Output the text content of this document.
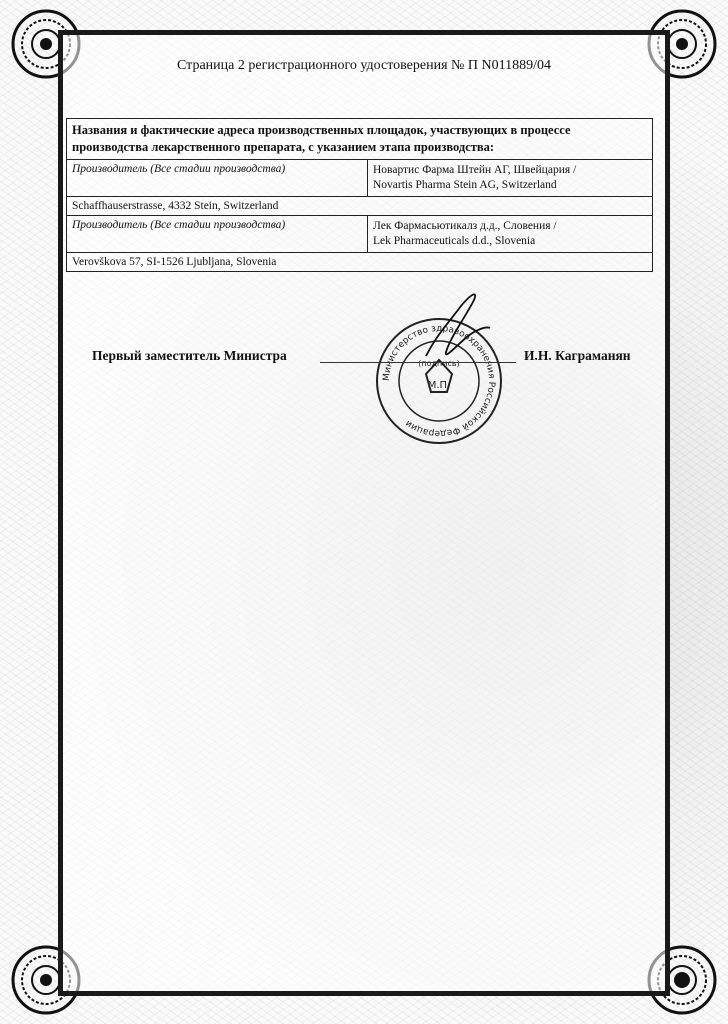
Страница 2 регистрационного удостоверения № П N011889/04
Названия и фактические адреса производственных площадок, участвующих в процессе производства лекарственного препарата, с указанием этапа производства:	
Производитель (Все стадии производства)	Новартис Фарма Штейн АГ, Швейцария /
Novartis Pharma Stein AG, Switzerland

Schaffhauserstrasse, 4332 Stein, Switzerland	
Производитель (Все стадии производства)	Лек Фармасьютикалз д.д., Словения /
Lek Pharmaceuticals d.d., Slovenia

Verovškova 57, SI-1526 Ljubljana, Slovenia	
Министерство здравоохранения Российской Федерации
(подпись)
М.П.
Первый заместитель Министра	И.Н. Каграманян
